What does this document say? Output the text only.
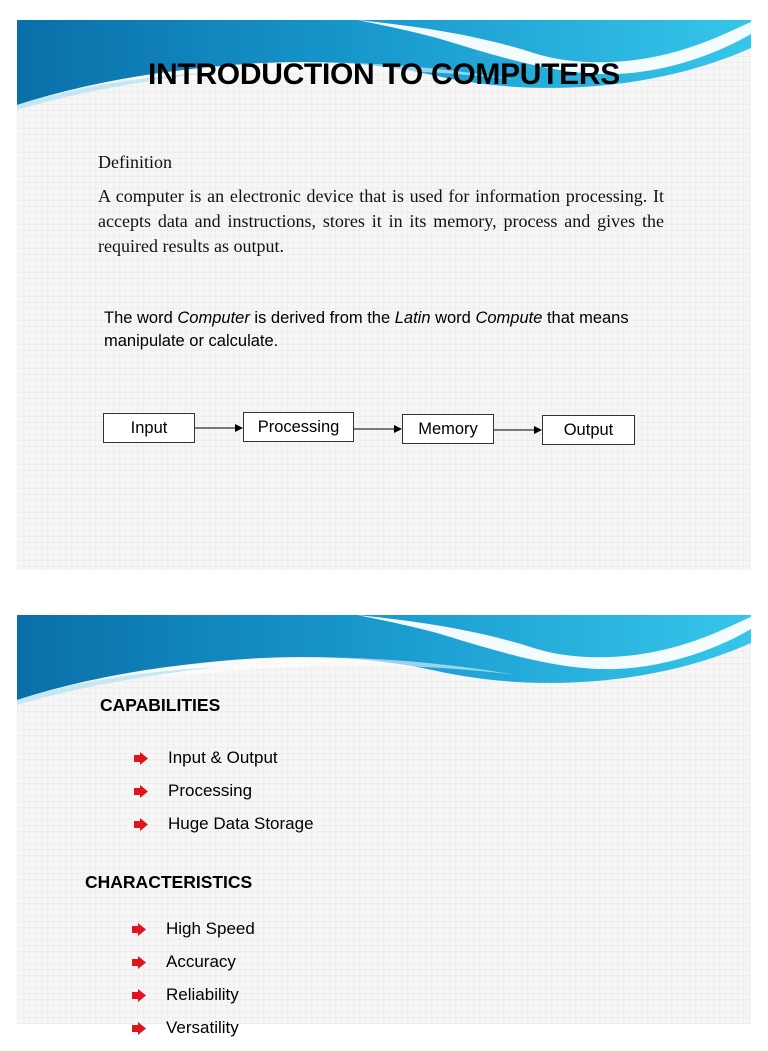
INTRODUCTION TO COMPUTERS

Definition

A computer is an electronic device that is used for information processing. It accepts data and instructions, stores it in its memory, process and gives the required results as output.

The word Computer is derived from the Latin word Compute that means manipulate or calculate.

Input	Processing	Memory	Output
CAPABILITIES
Input & Output
Processing
Huge Data Storage
CHARACTERISTICS
High Speed
Accuracy
Reliability
Versatility
